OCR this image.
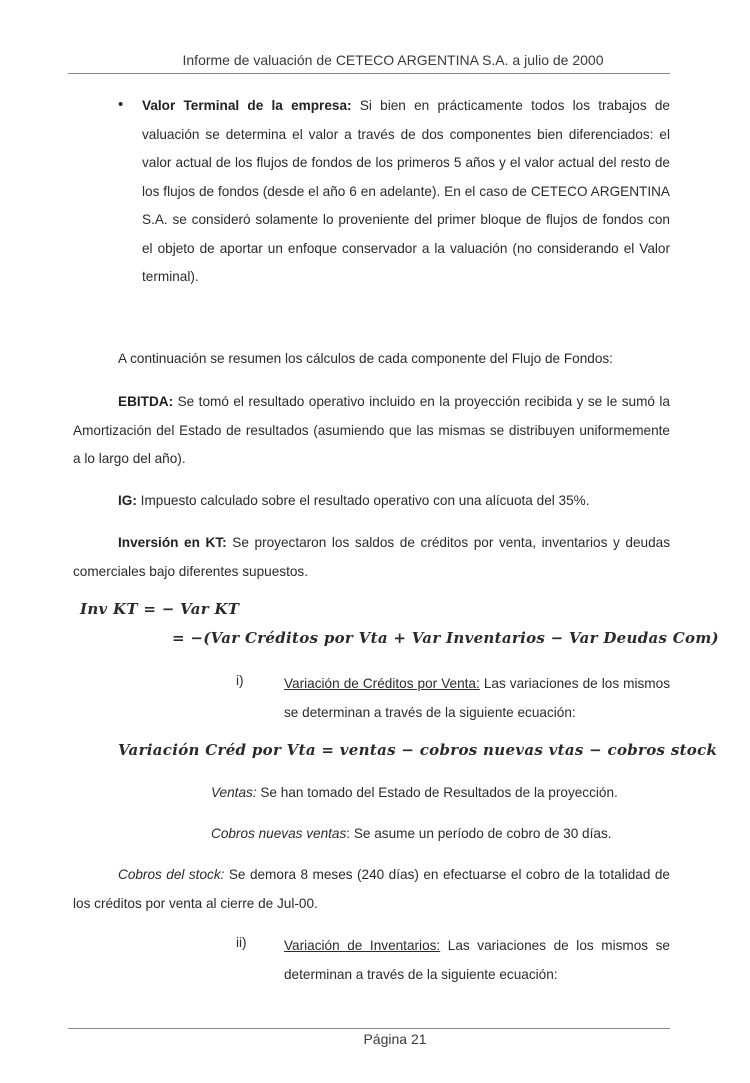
Informe de valuación de CETECO ARGENTINA S.A. a julio de 2000
• Valor Terminal de la empresa: Si bien en prácticamente todos los trabajos de valuación se determina el valor a través de dos componentes bien diferenciados: el valor actual de los flujos de fondos de los primeros 5 años y el valor actual del resto de los flujos de fondos (desde el año 6 en adelante). En el caso de CETECO ARGENTINA S.A. se consideró solamente lo proveniente del primer bloque de flujos de fondos con el objeto de aportar un enfoque conservador a la valuación (no considerando el Valor terminal).
A continuación se resumen los cálculos de cada componente del Flujo de Fondos:
EBITDA: Se tomó el resultado operativo incluido en la proyección recibida y se le sumó la Amortización del Estado de resultados (asumiendo que las mismas se distribuyen uniformemente a lo largo del año).
IG: Impuesto calculado sobre el resultado operativo con una alícuota del 35%.
Inversión en KT: Se proyectaron los saldos de créditos por venta, inventarios y deudas comerciales bajo diferentes supuestos.
Inv KT = − Var KT
= −(Var Créditos por Vta + Var Inventarios − Var Deudas Com)
i)	Variación de Créditos por Venta: Las variaciones de los mismos se determinan a través de la siguiente ecuación:
Variación Créd por Vta = ventas − cobros nuevas vtas − cobros stock
Ventas: Se han tomado del Estado de Resultados de la proyección.
Cobros nuevas ventas: Se asume un período de cobro de 30 días.
Cobros del stock: Se demora 8 meses (240 días) en efectuarse el cobro de la totalidad de los créditos por venta al cierre de Jul-00.
ii)	Variación de Inventarios: Las variaciones de los mismos se determinan a través de la siguiente ecuación:
Página 21
